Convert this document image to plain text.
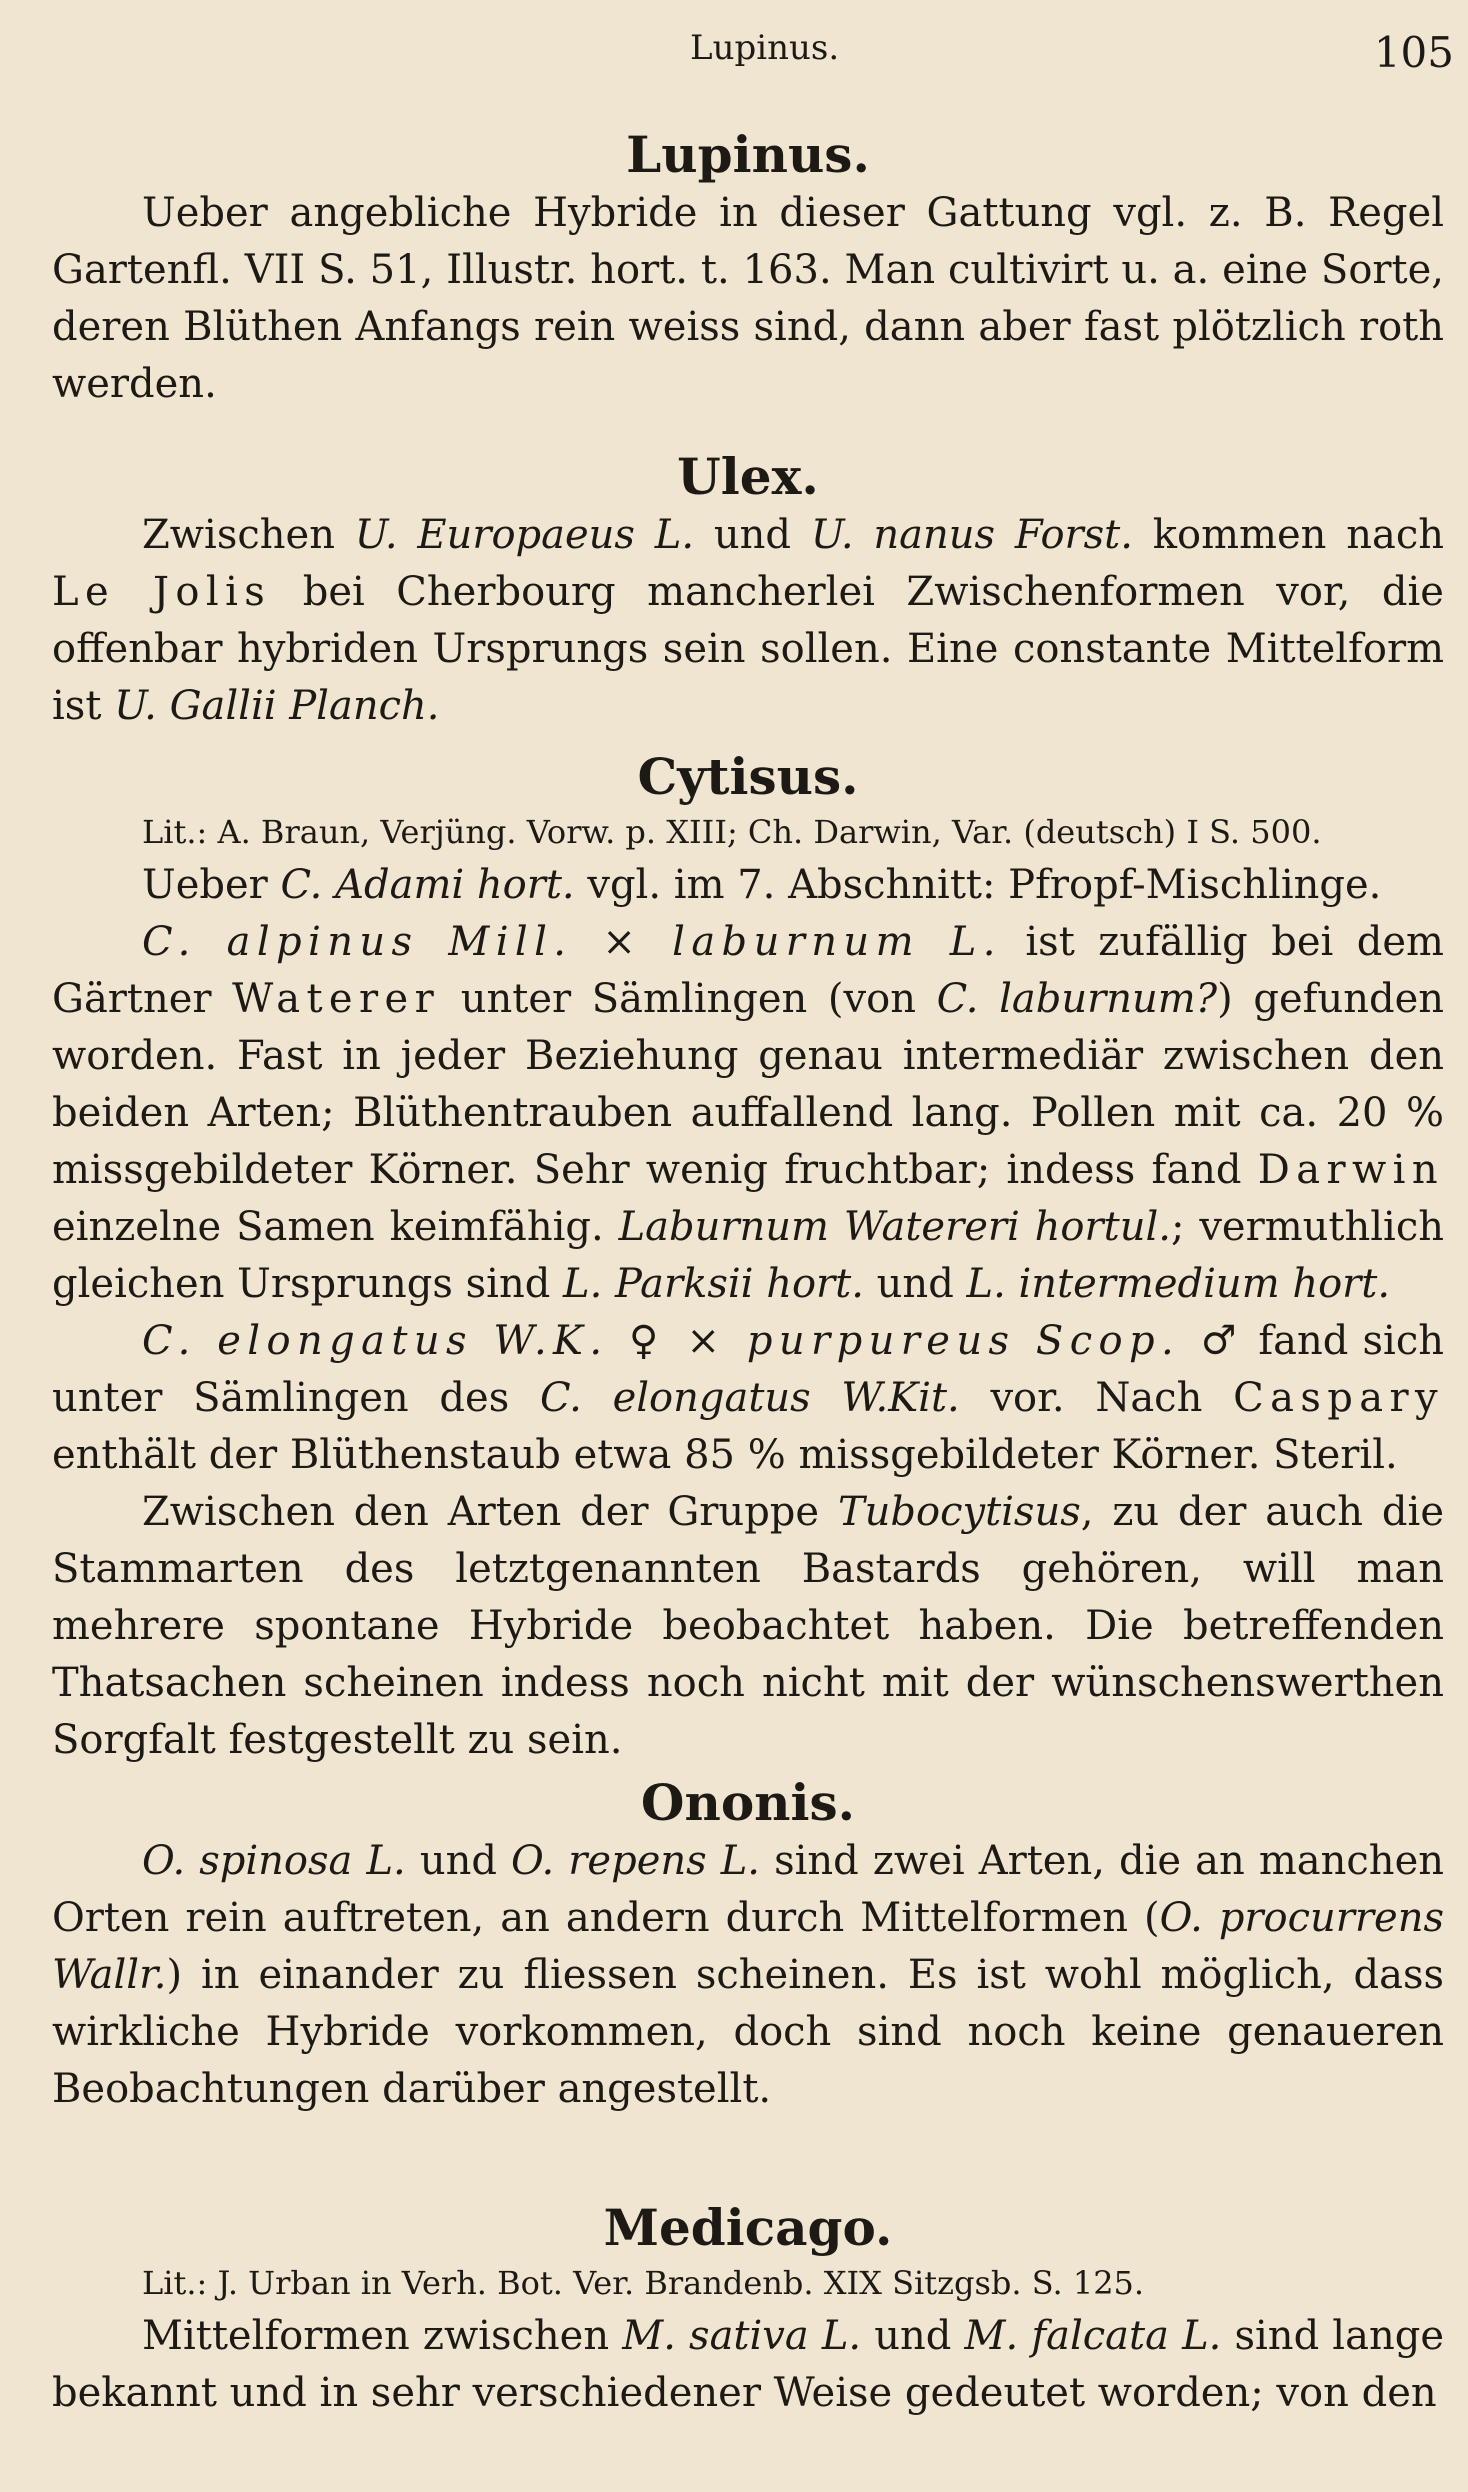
Lupinus.	105
Lupinus.

Ueber angebliche Hybride in dieser Gattung vgl. z. B. Regel Gartenfl. VII S. 51, Illustr. hort. t. 163. Man cultivirt u. a. eine Sorte, deren Blüthen Anfangs rein weiss sind, dann aber fast plötzlich roth werden.

Ulex.

Zwischen U. Europaeus L. und U. nanus Forst. kommen nach Le Jolis bei Cherbourg mancherlei Zwischenformen vor, die offenbar hybriden Ursprungs sein sollen. Eine constante Mittelform ist U. Gallii Planch.

Cytisus.

Lit.: A. Braun, Verjüng. Vorw. p. XIII; Ch. Darwin, Var. (deutsch) I S. 500.

Ueber C. Adami hort. vgl. im 7. Abschnitt: Pfropf-Mischlinge.

C. alpinus Mill. × laburnum L. ist zufällig bei dem Gärtner Waterer unter Sämlingen (von C. laburnum?) gefunden worden. Fast in jeder Beziehung genau intermediär zwischen den beiden Arten; Blüthentrauben auffallend lang. Pollen mit ca. 20 % missgebildeter Körner. Sehr wenig fruchtbar; indess fand Darwin einzelne Samen keimfähig. Laburnum Watereri hortul.; vermuthlich gleichen Ursprungs sind L. Parksii hort. und L. intermedium hort.

C. elongatus W.K. ♀ × purpureus Scop. ♂ fand sich unter Sämlingen des C. elongatus W.Kit. vor. Nach Caspary enthält der Blüthenstaub etwa 85 % missgebildeter Körner. Steril.

Zwischen den Arten der Gruppe Tubocytisus, zu der auch die Stammarten des letztgenannten Bastards gehören, will man mehrere spontane Hybride beobachtet haben. Die betreffenden Thatsachen scheinen indess noch nicht mit der wünschenswerthen Sorgfalt festgestellt zu sein.

Ononis.

O. spinosa L. und O. repens L. sind zwei Arten, die an manchen Orten rein auftreten, an andern durch Mittelformen (O. procurrens Wallr.) in einander zu fliessen scheinen. Es ist wohl möglich, dass wirkliche Hybride vorkommen, doch sind noch keine genaueren Beobachtungen darüber angestellt.

Medicago.

Lit.: J. Urban in Verh. Bot. Ver. Brandenb. XIX Sitzgsb. S. 125.

Mittelformen zwischen M. sativa L. und M. falcata L. sind lange bekannt und in sehr verschiedener Weise gedeutet worden; von den
